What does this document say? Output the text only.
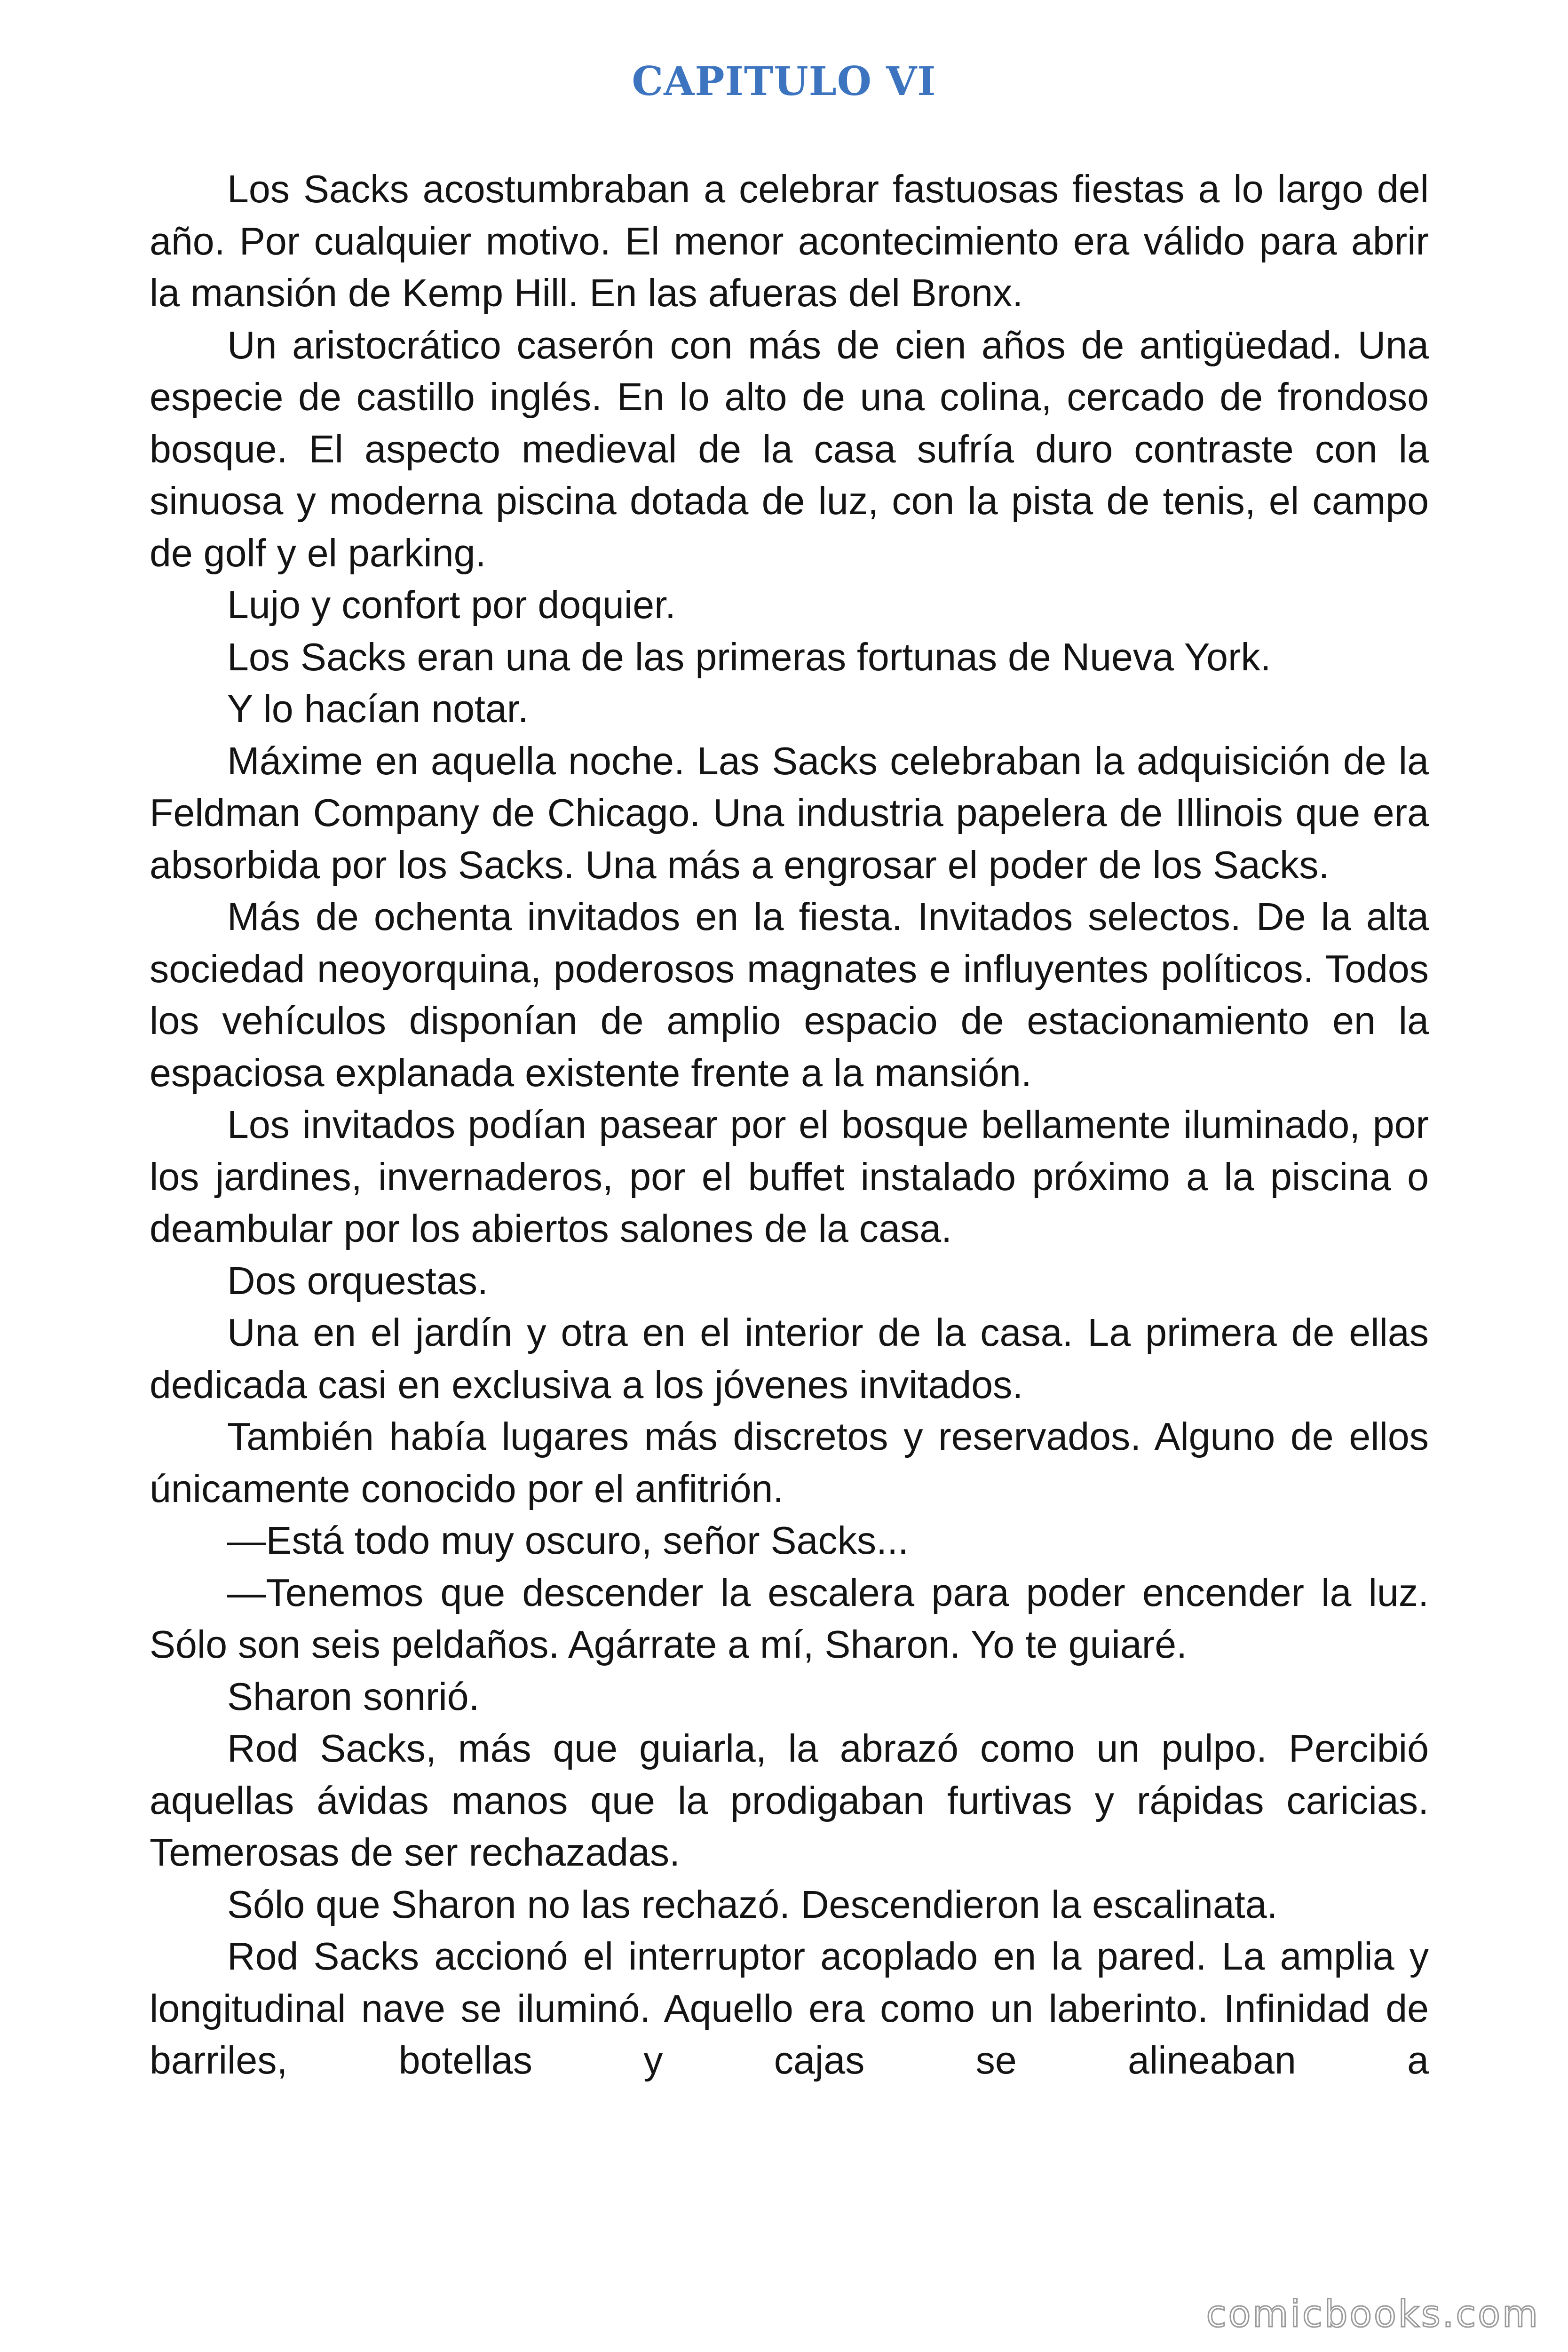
CAPITULO VI

Los Sacks acostumbraban a celebrar fastuosas fiestas a lo largo del año. Por cualquier motivo. El menor acontecimiento era válido para abrir la mansión de Kemp Hill. En las afueras del Bronx.

Un aristocrático caserón con más de cien años de antigüedad. Una especie de castillo inglés. En lo alto de una colina, cercado de frondoso bosque. El aspecto medieval de la casa sufría duro contraste con la sinuosa y moderna piscina dotada de luz, con la pista de tenis, el campo de golf y el parking.

Lujo y confort por doquier.

Los Sacks eran una de las primeras fortunas de Nueva York.

Y lo hacían notar.

Máxime en aquella noche. Las Sacks celebraban la adquisición de la Feldman Company de Chicago. Una industria papelera de Illinois que era absorbida por los Sacks. Una más a engrosar el poder de los Sacks.

Más de ochenta invitados en la fiesta. Invitados selectos. De la alta sociedad neoyorquina, poderosos magnates e influyentes políticos. Todos los vehículos disponían de amplio espacio de estacionamiento en la espaciosa explanada existente frente a la mansión.

Los invitados podían pasear por el bosque bellamente iluminado, por los jardines, invernaderos, por el buffet instalado próximo a la piscina o deambular por los abiertos salones de la casa.

Dos orquestas.

Una en el jardín y otra en el interior de la casa. La primera de ellas dedicada casi en exclusiva a los jóvenes invitados.

También había lugares más discretos y reservados. Alguno de ellos únicamente conocido por el anfitrión.

—Está todo muy oscuro, señor Sacks...

—Tenemos que descender la escalera para poder encender la luz. Sólo son seis peldaños. Agárrate a mí, Sharon. Yo te guiaré.

Sharon sonrió.

Rod Sacks, más que guiarla, la abrazó como un pulpo. Percibió aquellas ávidas manos que la prodigaban furtivas y rápidas caricias. Temerosas de ser rechazadas.

Sólo que Sharon no las rechazó. Descendieron la escalinata.

Rod Sacks accionó el interruptor acoplado en la pared. La amplia y longitudinal nave se iluminó. Aquello era como un laberinto. Infinidad de barriles, botellas y cajas se alineaban a

comicbooks.com
